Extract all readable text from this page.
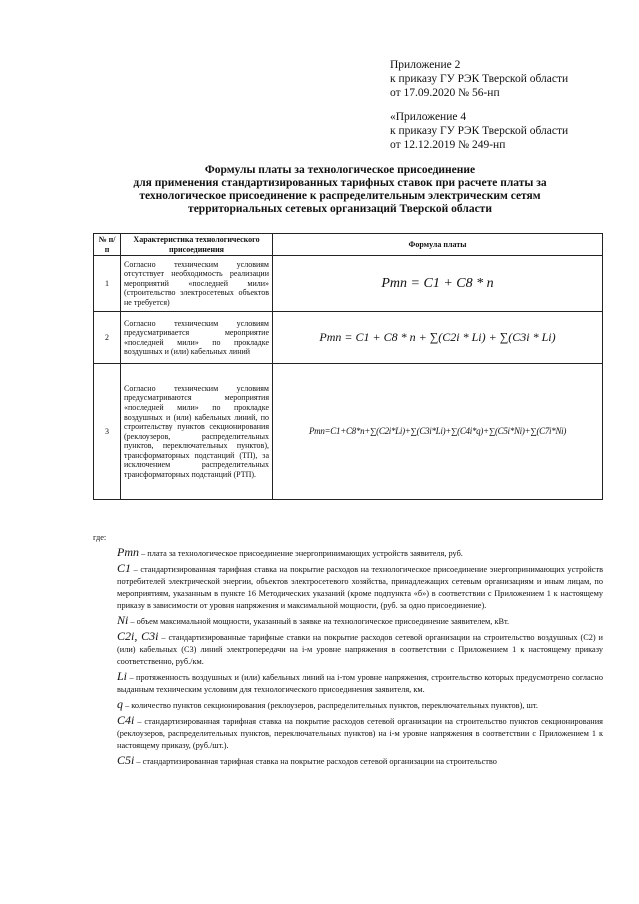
Приложение 2
к приказу ГУ РЭК Тверской области
от 17.09.2020 № 56-нп
«Приложение 4
к приказу ГУ РЭК Тверской области
от 12.12.2019 № 249-нп
Формулы платы за технологическое присоединение
для применения стандартизированных тарифных ставок при расчете платы за
технологическое присоединение к распределительным электрическим сетям
территориальных сетевых организаций Тверской области
№ п/ п	Характеристика технологического присоединения	Формула платы
1	Согласно техническим условиям отсутствует необходимость реализации мероприятий «последней мили» (строительство электросетевых объектов не требуется)	Pтп = C1 + C8 * n
2	Согласно техническим условиям предусматривается мероприятие «последней мили» по прокладке воздушных и (или) кабельных линий	Pтп = C1 + C8 * n + ∑(C2i * Li) + ∑(C3i * Li)
3	Согласно техническим условиям предусматриваются мероприятия «последней мили» по прокладке воздушных и (или) кабельных линий, по строительству пунктов секционирования (реклоузеров, распределительных пунктов, переключательных пунктов), трансформаторных подстанций (ТП), за исключением распределительных трансформаторных подстанций (РТП).	Pтп=C1+C8*n+∑(C2i*Li)+∑(C3i*Li)+∑(C4i*q)+∑(C5i*Ni)+∑(C7i*Ni)

где:

Pтп – плата за технологическое присоединение энергопринимающих устройств заявителя, руб.

C1 – стандартизированная тарифная ставка на покрытие расходов на технологическое присоединение энергопринимающих устройств потребителей электрической энергии, объектов электросетевого хозяйства, принадлежащих сетевым организациям и иным лицам, по мероприятиям, указанным в пункте 16 Методических указаний (кроме подпункта «б») в соответствии с Приложением 1 к настоящему приказу в зависимости от уровня напряжения и максимальной мощности, (руб. за одно присоединение).

Ni – объем максимальной мощности, указанный в заявке на технологическое присоединение заявителем, кВт.

C2i, C3i – стандартизированные тарифные ставки на покрытие расходов сетевой организации на строительство воздушных (C2) и (или) кабельных (C3) линий электропередачи на i-м уровне напряжения в соответствии с Приложением 1 к настоящему приказу соответственно, руб./км.

Li – протяженность воздушных и (или) кабельных линий на i-том уровне напряжения, строительство которых предусмотрено согласно выданным техническим условиям для технологического присоединения заявителя, км.

q – количество пунктов секционирования (реклоузеров, распределительных пунктов, переключательных пунктов), шт.

C4i – стандартизированная тарифная ставка на покрытие расходов сетевой организации на строительство пунктов секционирования (реклоузеров, распределительных пунктов, переключательных пунктов) на i-м уровне напряжения в соответствии с Приложением 1 к настоящему приказу, (руб./шт.).

C5i – стандартизированная тарифная ставка на покрытие расходов сетевой организации на строительство
